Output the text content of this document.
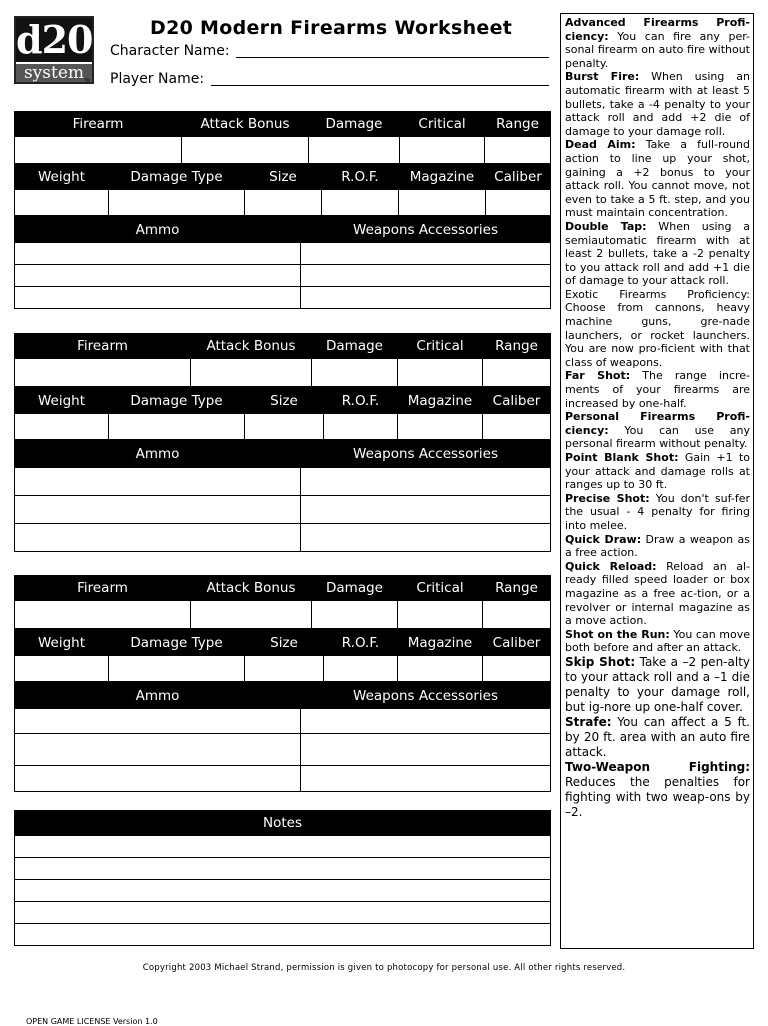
d20
system TM
D20 Modern Firearms Worksheet
Character Name:
Player Name:
Firearm	Attack Bonus	Damage	Critical	Range

Weight	Damage Type	Size	R.O.F.	Magazine	Caliber

Ammo	Weapons Accessories

Firearm	Attack Bonus	Damage	Critical	Range

Weight	Damage Type	Size	R.O.F.	Magazine	Caliber

Ammo	Weapons Accessories

Firearm	Attack Bonus	Damage	Critical	Range

Weight	Damage Type	Size	R.O.F.	Magazine	Caliber

Ammo	Weapons Accessories

Notes

Advanced Firearms Profi-ciency: You can fire any per-sonal firearm on auto fire without penalty.

Burst Fire: When using an automatic firearm with at least 5 bullets, take a -4 penalty to your attack roll and add +2 die of damage to your damage roll.

Dead Aim: Take a full-round action to line up your shot, gaining a +2 bonus to your attack roll. You cannot move, not even to take a 5 ft. step, and you must maintain concentration.

Double Tap: When using a semiautomatic firearm with at least 2 bullets, take a -2 penalty to you attack roll and add +1 die of damage to your attack roll.

Exotic Firearms Proficiency: Choose from cannons, heavy machine guns, gre-nade launchers, or rocket launchers. You are now pro-ficient with that class of weapons.

Far Shot: The range incre-ments of your firearms are increased by one-half.

Personal Firearms Profi-ciency: You can use any personal firearm without penalty.

Point Blank Shot: Gain +1 to your attack and damage rolls at ranges up to 30 ft.

Precise Shot: You don't suf-fer the usual - 4 penalty for firing into melee.

Quick Draw: Draw a weapon as a free action.

Quick Reload: Reload an al-ready filled speed loader or box magazine as a free ac-tion, or a revolver or internal magazine as a move action.

Shot on the Run: You can move both before and after an attack.

Skip Shot: Take a –2 pen-alty to your attack roll and a –1 die penalty to your damage roll, but ig-nore up one-half cover.

Strafe: You can affect a 5 ft. by 20 ft. area with an auto fire attack.

Two-Weapon Fighting: Reduces the penalties for fighting with two weap-ons by –2.

Copyright 2003 Michael Strand, permission is given to photocopy for personal use. All other rights reserved.
OPEN GAME LICENSE Version 1.0
